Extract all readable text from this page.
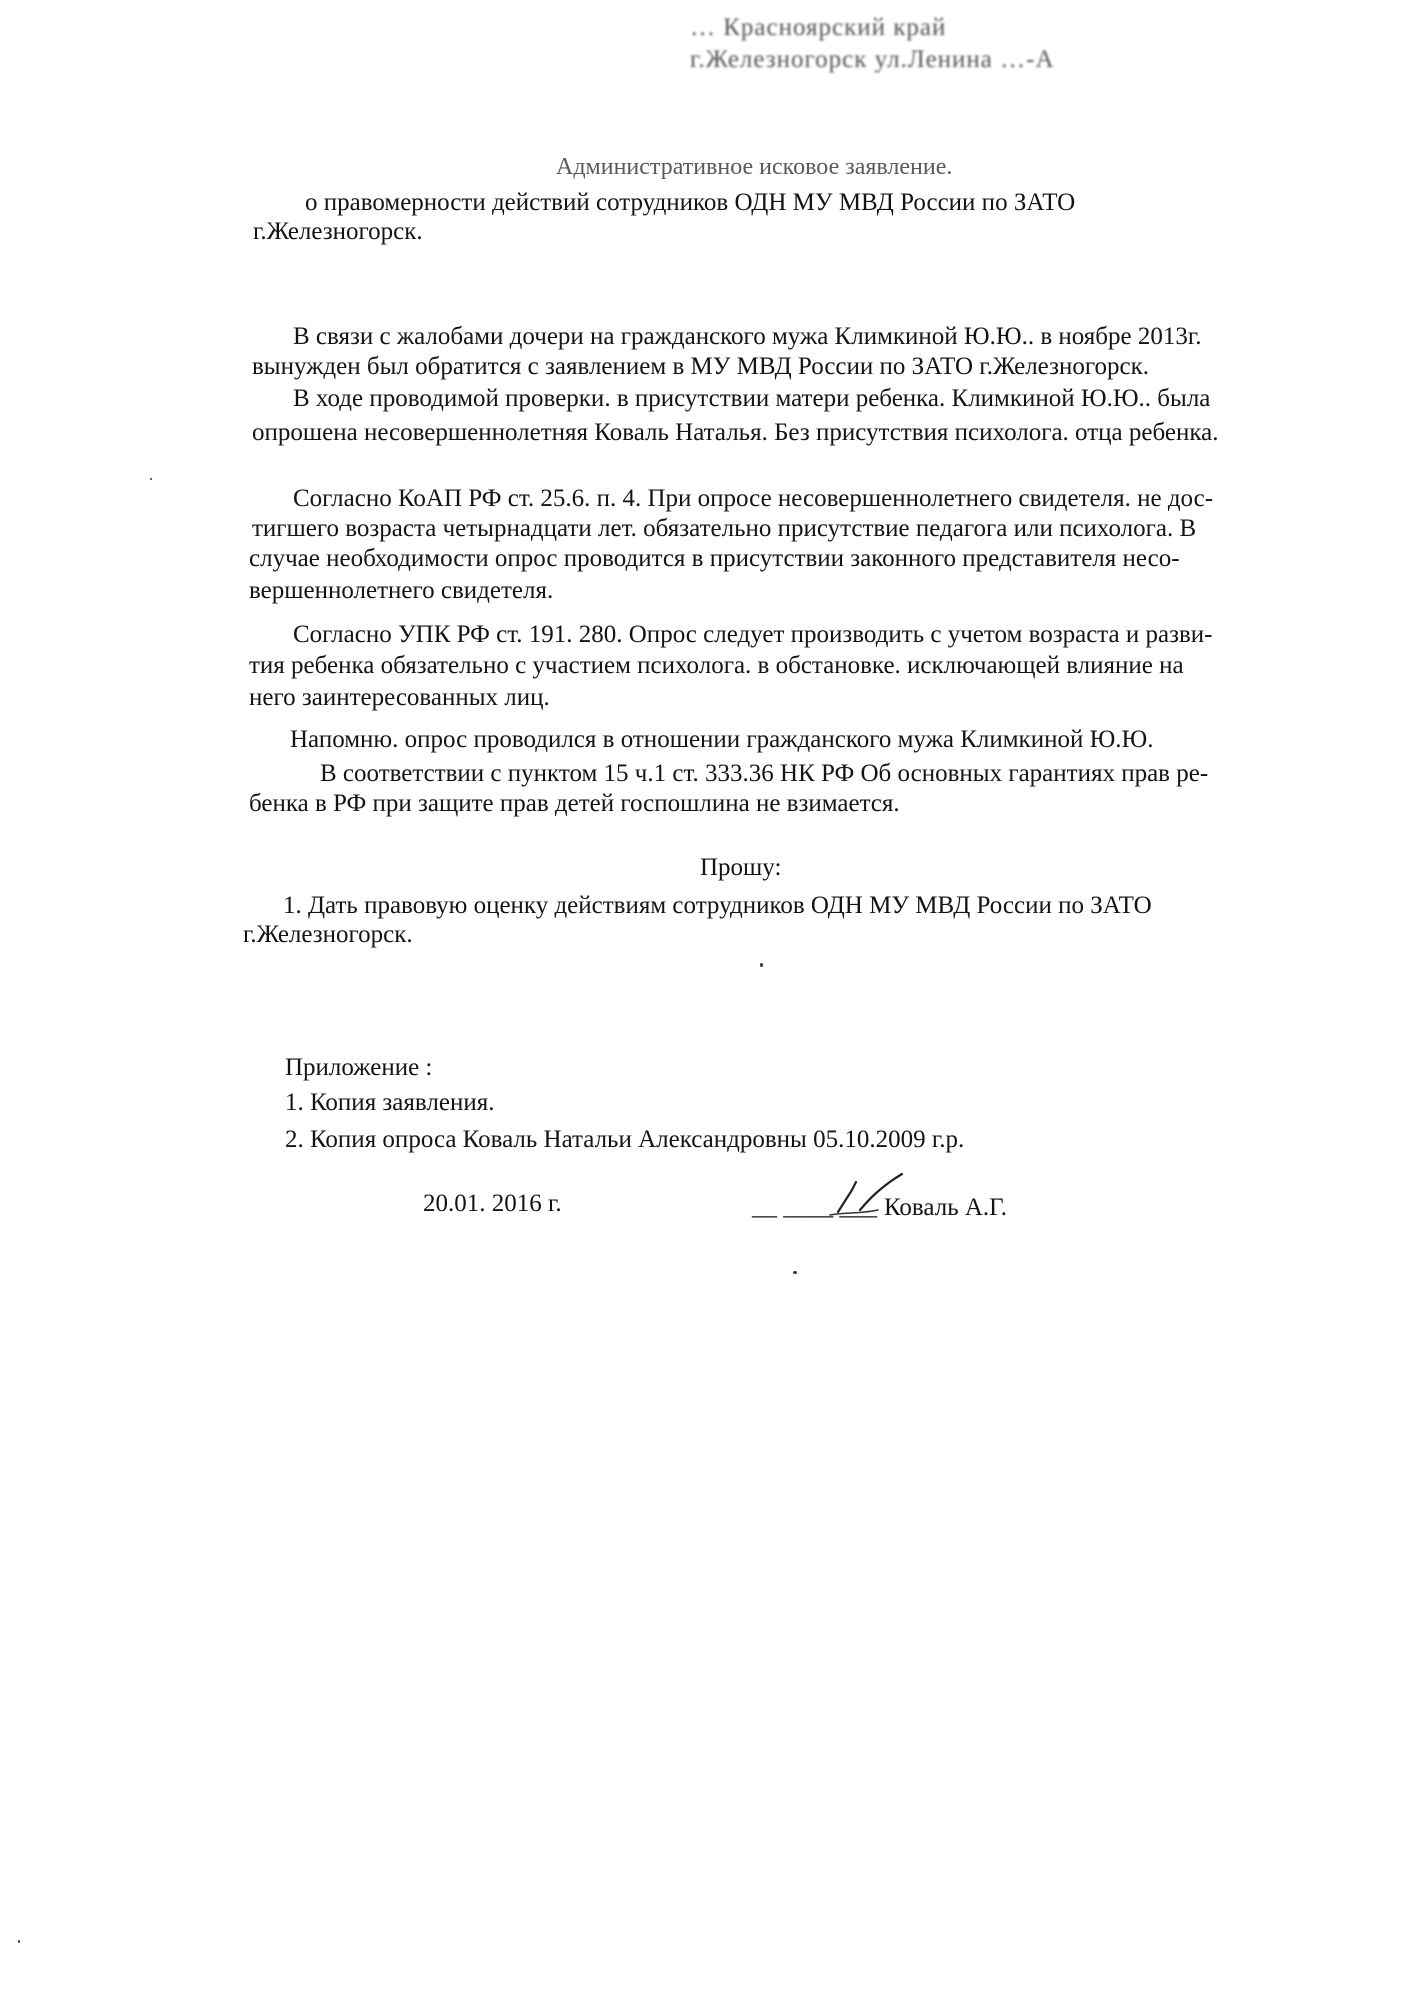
… Красноярский край
г.Железногорск ул.Ленина …-А
Административное исковое заявление.
о правомерности действий сотрудников ОДН МУ МВД России по ЗАТО
г.Железногорск.
В связи с жалобами дочери на гражданского мужа Климкиной Ю.Ю.. в ноябре 2013г.
вынужден был обратится с заявлением в МУ МВД России по ЗАТО г.Железногорск.
В ходе проводимой проверки. в присутствии матери ребенка. Климкиной Ю.Ю.. была
опрошена несовершеннолетняя Коваль Наталья. Без присутствия психолога. отца ребенка.
Согласно КоАП РФ ст. 25.6. п. 4. При опросе несовершеннолетнего свидетеля. не дос-
тигшего возраста четырнадцати лет. обязательно присутствие педагога или психолога. В
случае необходимости опрос проводится в присутствии законного представителя несо-
вершеннолетнего свидетеля.
Согласно УПК РФ ст. 191. 280. Опрос следует производить с учетом возраста и разви-
тия ребенка обязательно с участием психолога. в обстановке. исключающей влияние на
него заинтересованных лиц.
Напомню. опрос проводился в отношении гражданского мужа Климкиной Ю.Ю.
В соответствии с пунктом 15 ч.1 ст. 333.36 НК РФ Об основных гарантиях прав ре-
бенка в РФ при защите прав детей госпошлина не взимается.
Прошу:
1. Дать правовую оценку действиям сотрудников ОДН МУ МВД России по ЗАТО
г.Железногорск.
Приложение :
1. Копия заявления.
2. Копия опроса Коваль Натальи Александровны 05.10.2009 г.р.
20.01. 2016 г.	__ ____ ___ Коваль А.Г.
